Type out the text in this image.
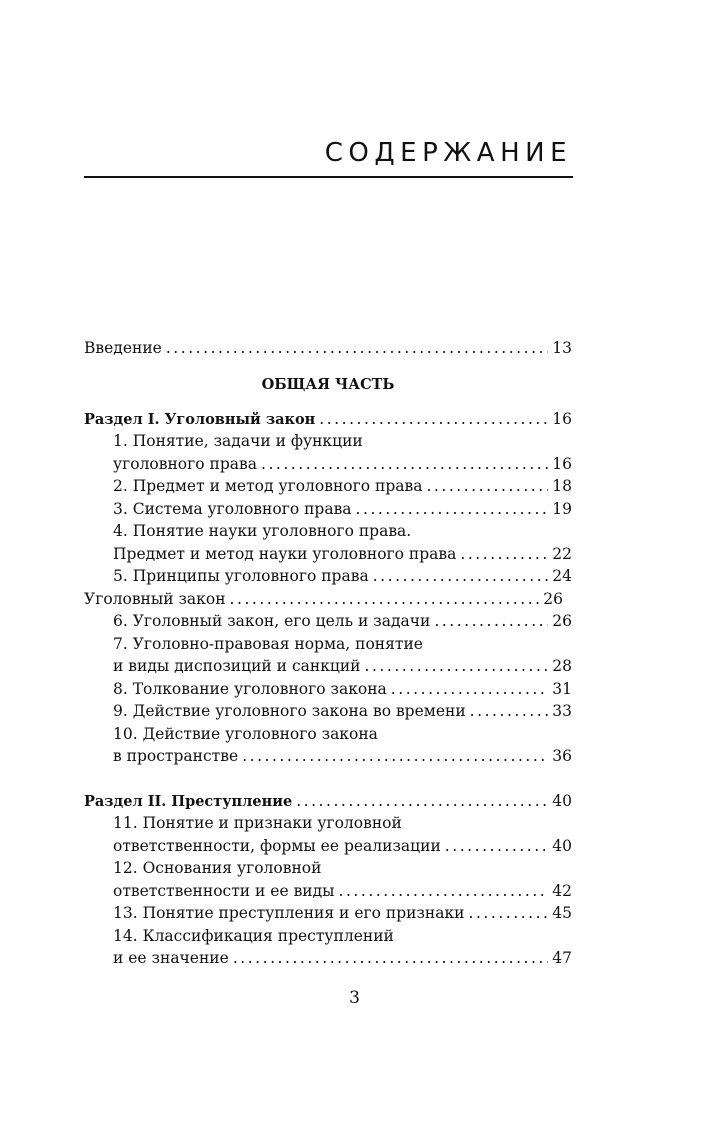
СОДЕРЖАНИЕ
Введение . . .	13
ОБЩАЯ ЧАСТЬ
Раздел I. Уголовный закон . . .	16
1. Понятие, задачи и функции
уголовного права . . .	16
2. Предмет и метод уголовного права . . .	18
3. Система уголовного права . . .	19
4. Понятие науки уголовного права.
Предмет и метод науки уголовного права . . .	22
5. Принципы уголовного права . . .	24
Уголовный закон . . .	26
6. Уголовный закон, его цель и задачи . . .	26
7. Уголовно-правовая норма, понятие
и виды диспозиций и санкций . . .	28
8. Толкование уголовного закона . . .	31
9. Действие уголовного закона во времени . . .	33
10. Действие уголовного закона
в пространстве . . .	36
Раздел II. Преступление . . .	40
11. Понятие и признаки уголовной
ответственности, формы ее реализации . . .	40
12. Основания уголовной
ответственности и ее виды . . .	42
13. Понятие преступления и его признаки . . .	45
14. Классификация преступлений
и ее значение . . .	47
3
